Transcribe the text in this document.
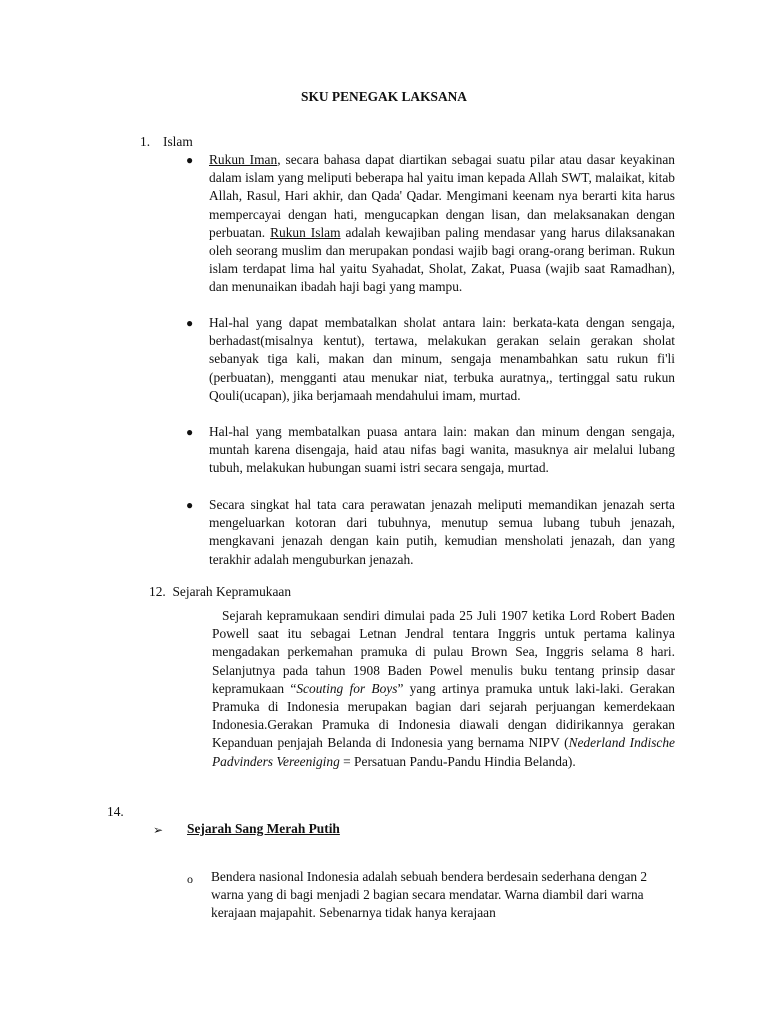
SKU PENEGAK LAKSANA
1. Islam
● Rukun Iman, secara bahasa dapat diartikan sebagai suatu pilar atau dasar keyakinan dalam islam yang meliputi beberapa hal yaitu iman kepada Allah SWT, malaikat, kitab Allah, Rasul, Hari akhir, dan Qada' Qadar. Mengimani keenam nya berarti kita harus mempercayai dengan hati, mengucapkan dengan lisan, dan melaksanakan dengan perbuatan. Rukun Islam adalah kewajiban paling mendasar yang harus dilaksanakan oleh seorang muslim dan merupakan pondasi wajib bagi orang-orang beriman. Rukun islam terdapat lima hal yaitu Syahadat, Sholat, Zakat, Puasa (wajib saat Ramadhan), dan menunaikan ibadah haji bagi yang mampu.
● Hal-hal yang dapat membatalkan sholat antara lain: berkata-kata dengan sengaja, berhadast(misalnya kentut), tertawa, melakukan gerakan selain gerakan sholat sebanyak tiga kali, makan dan minum, sengaja menambahkan satu rukun fi'li (perbuatan), mengganti atau menukar niat, terbuka auratnya,, tertinggal satu rukun Qouli(ucapan), jika berjamaah mendahului imam, murtad.
● Hal-hal yang membatalkan puasa antara lain: makan dan minum dengan sengaja, muntah karena disengaja, haid atau nifas bagi wanita, masuknya air melalui lubang tubuh, melakukan hubungan suami istri secara sengaja, murtad.
● Secara singkat hal tata cara perawatan jenazah meliputi memandikan jenazah serta mengeluarkan kotoran dari tubuhnya, menutup semua lubang tubuh jenazah, mengkavani jenazah dengan kain putih, kemudian mensholati jenazah, dan yang terakhir adalah menguburkan jenazah.
12. Sejarah Kepramukaan
Sejarah kepramukaan sendiri dimulai pada 25 Juli 1907 ketika Lord Robert Baden Powell saat itu sebagai Letnan Jendral tentara Inggris untuk pertama kalinya mengadakan perkemahan pramuka di pulau Brown Sea, Inggris selama 8 hari. Selanjutnya pada tahun 1908 Baden Powel menulis buku tentang prinsip dasar kepramukaan “Scouting for Boys” yang artinya pramuka untuk laki-laki. Gerakan Pramuka di Indonesia merupakan bagian dari sejarah perjuangan kemerdekaan Indonesia.Gerakan Pramuka di Indonesia diawali dengan didirikannya gerakan Kepanduan penjajah Belanda di Indonesia yang bernama NIPV (Nederland Indische Padvinders Vereeniging = Persatuan Pandu-Pandu Hindia Belanda).
14.
➢ Sejarah Sang Merah Putih
o Bendera nasional Indonesia adalah sebuah bendera berdesain sederhana dengan 2 warna yang di bagi menjadi 2 bagian secara mendatar. Warna diambil dari warna kerajaan majapahit. Sebenarnya tidak hanya kerajaan
